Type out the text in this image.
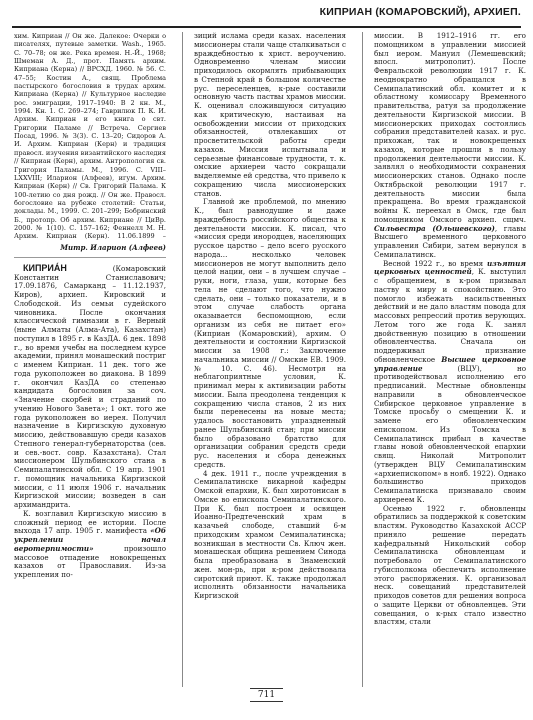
КИПРИАН (КОМАРОВСКИЙ), АРХИЕП.
хим. Киприан // Он же. Далекое: Очерки о писателях, путевые заметки. Wash., 1965. C. 70–78; он же. Река времен. Н.-Й., 1968; Шмеман А. Д., прот. Память архим. Киприана (Керна) // ВРСХД. 1960. № 56. С. 47–55; Костин А., свящ. Проблема пастырского богословия в трудах архим. Киприана (Керна) // Культурное наследие рос. эмиграции, 1917–1940: В 2 кн. М., 1994. Кн. 1. С. 269–274; Гаврилюк П. К. И. Архим. Киприан и его книга о свт. Григории Паламе // Встреча. Сергиев Посад, 1996. № 3(3). С. 13–20; Сидоров А. И. Архим. Киприан (Керн) и традиция правосл. изучения византийского наследия // Киприан (Керн), архим. Антропология св. Григория Паламы. М., 1996. С. VIII–LXXVIII; Иларион (Алфеев), игум. Архим. Киприан (Керн) // Св. Григорий Палама. К 100-летию со дня рожд. // Он же. Правосл. богословие на рубеже столетий: Статьи, доклады. М., 1999. С. 201–299; Бобринский Б., протопр. Об архим. Киприане // ЦиВр. 2000. № 1(10). С. 157–162; Феннелл М. Н. Архим. Киприан (Керн). 11.06.1899 –
Митр. Иларион (Алфеев)

КИПРИА́Н	(Комаровский Константин Станиславович; 17.09.1876, Самарканд – 11.12.1937, Киров), архиеп. Кировский и Слободской. Из семьи судейского чиновника. После окончания классической гимназии в г. Верный (ныне Алматы (Алма-Ата), Казахстан) поступил в 1895 г. в КазДА. 6 дек. 1898 г., во время учебы на последнем курсе академии, принял монашеский постриг с именем Киприан. 11 дек. того же года рукоположен во диакона. В 1899 г. окончил КазДА со степенью кандидата богословия за соч. «Значение скорбей и страданий по учению Нового Завета»; 1 окт. того же года рукоположен во иерея. Получил назначение в Киргизскую духовную миссию, действовавшую среди казахов Степного генерал-губернаторства (сев. и сев.-вост. совр. Казахстана). Стал миссионером Шульбинского стана в Семипалатинской обл. С 19 апр. 1901 г. помощник начальника Киргизской миссии, с 11 июля 1906 г. начальник Киргизской миссии; возведен в сан архимандрита.

К. возглавил Киргизскую миссию в сложный период ее истории. После выхода 17 апр. 1905 г. манифеста «Об укреплении начал веротерпимости» произошло массовое отпадение новокрещеных казахов от Православия. Из-за укрепления по-

зиций ислама среди казах. населения миссионеры стали чаще сталкиваться с враждебностью к христ. вероучению. Одновременно членам миссии приходилось окормлять прибывающих в Степной край в большом количестве рус. переселенцев, к-рые составили основную часть паствы храмов миссии. К. оценивал сложившуюся ситуацию как критическую, настаивая на освобождении миссии от приходских обязанностей, отвлекавших от просветительской работы среди казахов. Миссия испытывала и серьезные финансовые трудности, т. к. омские архиереи часто сокращали выделяемые ей средства, что привело к сокращению числа миссионерских станов.

Главной же проблемой, по мнению К., был равнодушие и даже враждебность российского общества к деятельности миссии. К. писал, что «миссия среди инородцев, населяющих русское царство – дело всего русского народа... несколько человек миссионеров не могут выполнить дело целой нации, они – в лучшем случае – руки, ноги, глаза, уши, которые без тела не сделают того, что нужно сделать, они – только показатели, и в этом случае слабость органа оказывается беспомощною, если организм из себя не питает его» (Киприан (Комаровский), архим. О деятельности и состоянии Киргизской миссии за 1908 г.: Заключение начальника миссии // Омские ЕВ. 1909. № 10. С. 46). Несмотря на неблагоприятные условия, К. принимал меры к активизации работы миссии. Была преодолена тенденция к сокращению числа станов, 2 из них были перенесены на новые места; удалось восстановить упраздненный ранее Шульбинский стан; при миссии было образовано братство для организации собрания средств среди рус. населения и сбора денежных средств.

4 дек. 1911 г., после учреждения в Семипалатинске викарной кафедры Омской епархии, К. был хиротонисан в Омске во епископа Семипалатинского. При К. был построен и освящен Иоанно-Предтеченский храм в казачьей слободе, ставший 6-м приходским храмом Семипалатинска; возникшая в местности Св. Ключ жен. монашеская община решением Синода была преобразована в Знаменский жен. мон-рь, при к-ром действовала сиротский приют. К. также продолжал исполнять обязанности начальника Киргизской

миссии. В 1912–1916 гг. его помощником в управлении миссией был иером. Мануил (Лемешевский; впосл. митрополит). После Февральской революции 1917 г. К. неоднократно обращался в Семипалатинский обл. комитет и к областному комиссару Временного правительства, ратуя за продолжение деятельности Киргизской миссии. В миссионерских приходах состоялись собрания представителей казах. и рус. прихожан, так и новокрещеных казахов, которые прошли в пользу продолжения деятельности миссии. К. заявлял о необходимости сохранения миссионерских станов. Однако после Октябрьской революции 1917 г. деятельность миссии была прекращена. Во время гражданской войны К. переехал в Омск, где был помощником Омского архиеп. сщмч. Сильвестра (Ольшевского), главы Высшего временного церковного управления Сибири, затем вернулся в Семипалатинск.

Весной 1922 г., во время изъятия церковных ценностей, К. выступил с обращением, в к-ром призывал паству к миру и спокойствию. Это помогло избежать насильственных действий и не дало властям повода для массовых репрессий против верующих. Летом того же года К. занял двойственную позицию в отношении обновленчества. Сначала он поддерживал признание обновленческое Высшее церковное управление (ВЦУ), но противодействовал исполнению его предписаний. Местные обновленцы направили в обновленческое Сибирское церковное управление в Томске просьбу о смещении К. и замене его обновленческим епископом. Из Томска в Семипалатинск прибыл в качестве главы новой обновленческой епархии свящ. Николай Митрополит (утвержден ВЦУ Семипалатинским «архиепископом» в нояб. 1922). Однако большинство приходов Семипалатинска признавало своим архиереем К.

Осенью 1922 г. обновленцы обратились за поддержкой к советским властям. Руководство Казахской АССР приняло решение передать кафедральный Никольский собор Семипалатинска обновленцам и потребовало от Семипалатинского губисполкома обеспечить исполнение этого распоряжения. К. организовал неск. совещаний представителей приходов советов для решения вопроса о защите Церкви от обновленцев. Эти совещания, о к-рых стало известно властям, стали

711
